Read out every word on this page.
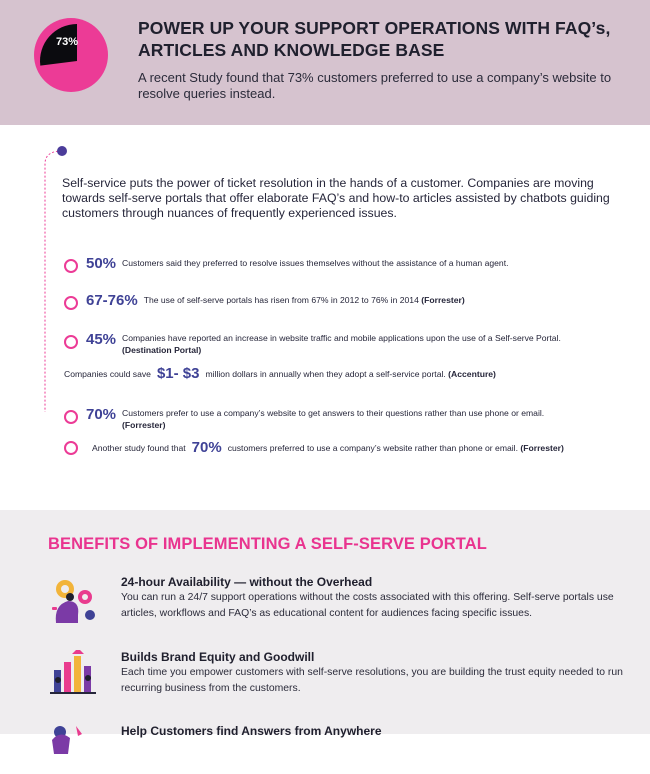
73%
POWER UP YOUR SUPPORT OPERATIONS WITH FAQ’s, ARTICLES AND KNOWLEDGE BASE

A recent Study found that 73% customers preferred to use a company’s website to resolve queries instead.

Self-service puts the power of ticket resolution in the hands of a customer. Companies are moving towards self-serve portals that offer elaborate FAQ’s and how-to articles assisted by chatbots guiding customers through nuances of frequently experienced issues.

50% Customers said they preferred to resolve issues themselves without the assistance of a human agent.
67-76% The use of self-serve portals has risen from 67% in 2012 to 76% in 2014 (Forrester)
45% Companies have reported an increase in website traffic and mobile applications upon the use of a Self-serve Portal.
(Destination Portal)
Companies could save $1- $3 million dollars in annually when they adopt a self-service portal.
(Accenture)
70% Customers prefer to use a company’s website to get answers to their questions rather than use phone or email.
(Forrester)
Another study found that 70% customers preferred to use a company’s website rather than phone or email. (Forrester)
BENEFITS OF IMPLEMENTING A SELF-SERVE PORTAL
24-hour Availability — without the Overhead

You can run a 24/7 support operations without the costs associated with this offering. Self-serve portals use articles, workflows and FAQ’s as educational content for audiences facing specific issues.

Builds Brand Equity and Goodwill

Each time you empower customers with self-serve resolutions, you are building the trust equity needed to run recurring business from the customers.

Help Customers find Answers from Anywhere
